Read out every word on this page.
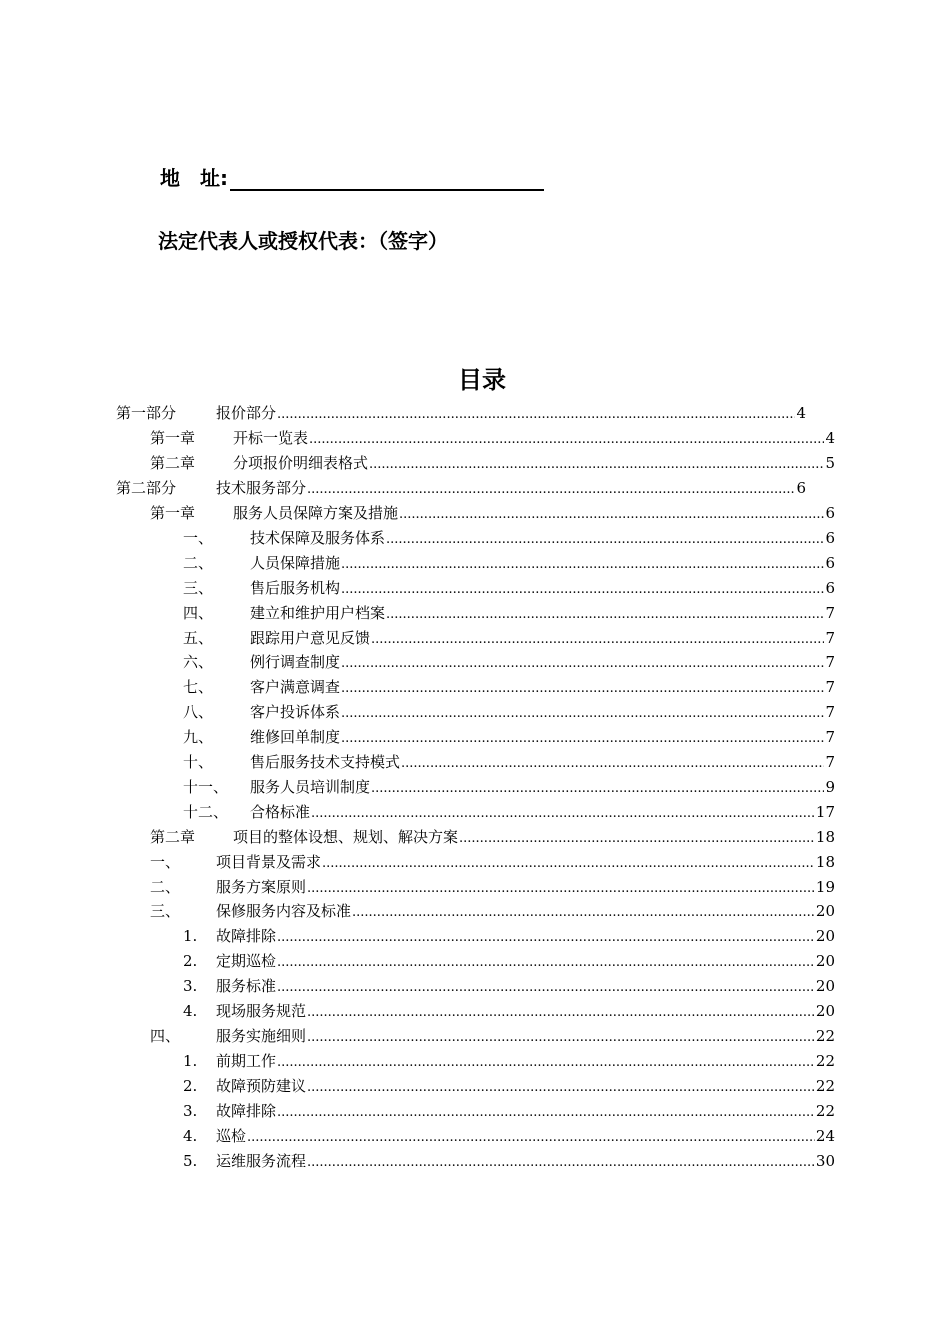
地 址:
法定代表人或授权代表：（签字）
目录
第一部分	报价部分 .....	4
第一章	开标一览表 .....	4
第二章	分项报价明细表格式 .....	5
第二部分	技术服务部分 .....	6
第一章	服务人员保障方案及措施 .....	6
一、 技术保障及服务体系 .....	6
二、 人员保障措施 .....	6
三、 售后服务机构 .....	6
四、 建立和维护用户档案 .....	7
五、 跟踪用户意见反馈 .....	7
六、 例行调查制度 .....	7
七、 客户满意调查 .....	7
八、 客户投诉体系 .....	7
九、 维修回单制度 .....	7
十、 售后服务技术支持模式 .....	7
十一、 服务人员培训制度 .....	9
十二、 合格标准 .....	17
第二章	项目的整体设想、规划、解决方案 .....	18
一、 项目背景及需求 .....	18
二、 服务方案原则 .....	19
三、 保修服务内容及标准 .....	20
1. 故障排除 .....	20
2. 定期巡检 .....	20
3. 服务标准 .....	20
4. 现场服务规范 .....	20
四、 服务实施细则 .....	22
1. 前期工作 .....	22
2. 故障预防建议 .....	22
3. 故障排除 .....	22
4. 巡检 .....	24
5. 运维服务流程 .....	30
